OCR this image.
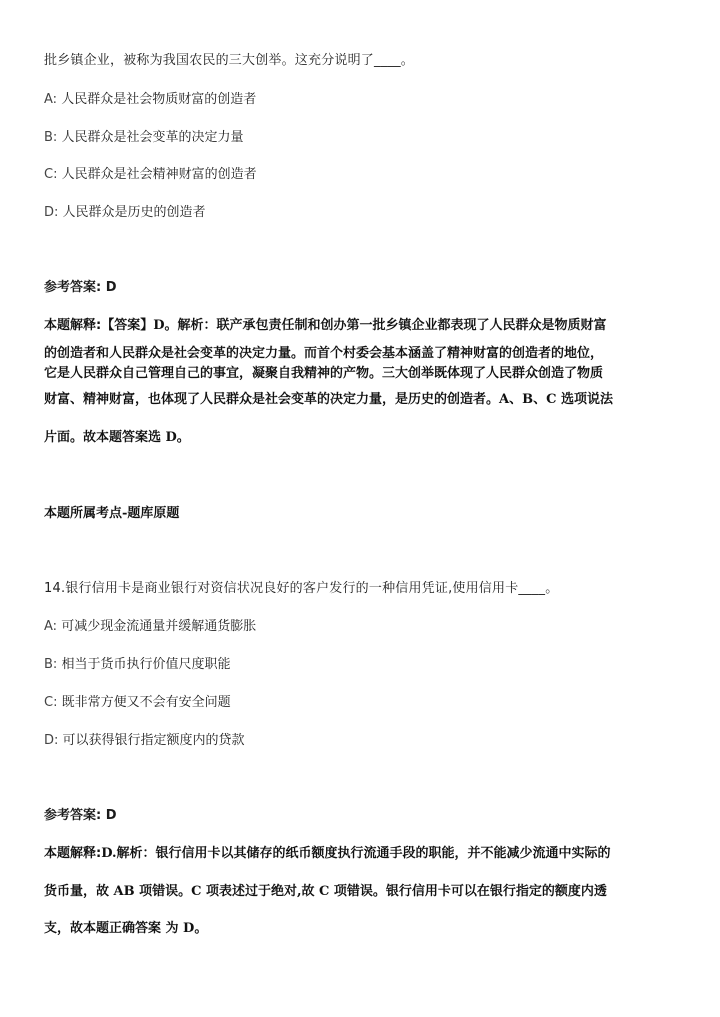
批乡镇企业，被称为我国农民的三大创举。这充分说明了____。
A: 人民群众是社会物质财富的创造者
B: 人民群众是社会变革的决定力量
C: 人民群众是社会精神财富的创造者
D: 人民群众是历史的创造者
参考答案: D
本题解释:【答案】D。解析：联产承包责任制和创办第一批乡镇企业都表现了人民群众是物质财富
的创造者和人民群众是社会变革的决定力量。而首个村委会基本涵盖了精神财富的创造者的地位，
它是人民群众自己管理自己的事宜，凝聚自我精神的产物。三大创举既体现了人民群众创造了物质
财富、精神财富，也体现了人民群众是社会变革的决定力量，是历史的创造者。A、B、C 选项说法
片面。故本题答案选 D。
本题所属考点-题库原题
14.银行信用卡是商业银行对资信状况良好的客户发行的一种信用凭证,使用信用卡____。
A: 可减少现金流通量并缓解通货膨胀
B: 相当于货币执行价值尺度职能
C: 既非常方便又不会有安全问题
D: 可以获得银行指定额度内的贷款
参考答案: D
本题解释:D.解析：银行信用卡以其储存的纸币额度执行流通手段的职能，并不能减少流通中实际的
货币量，故 AB 项错误。C 项表述过于绝对,故 C 项错误。银行信用卡可以在银行指定的额度内透
支，故本题正确答案 为 D。
